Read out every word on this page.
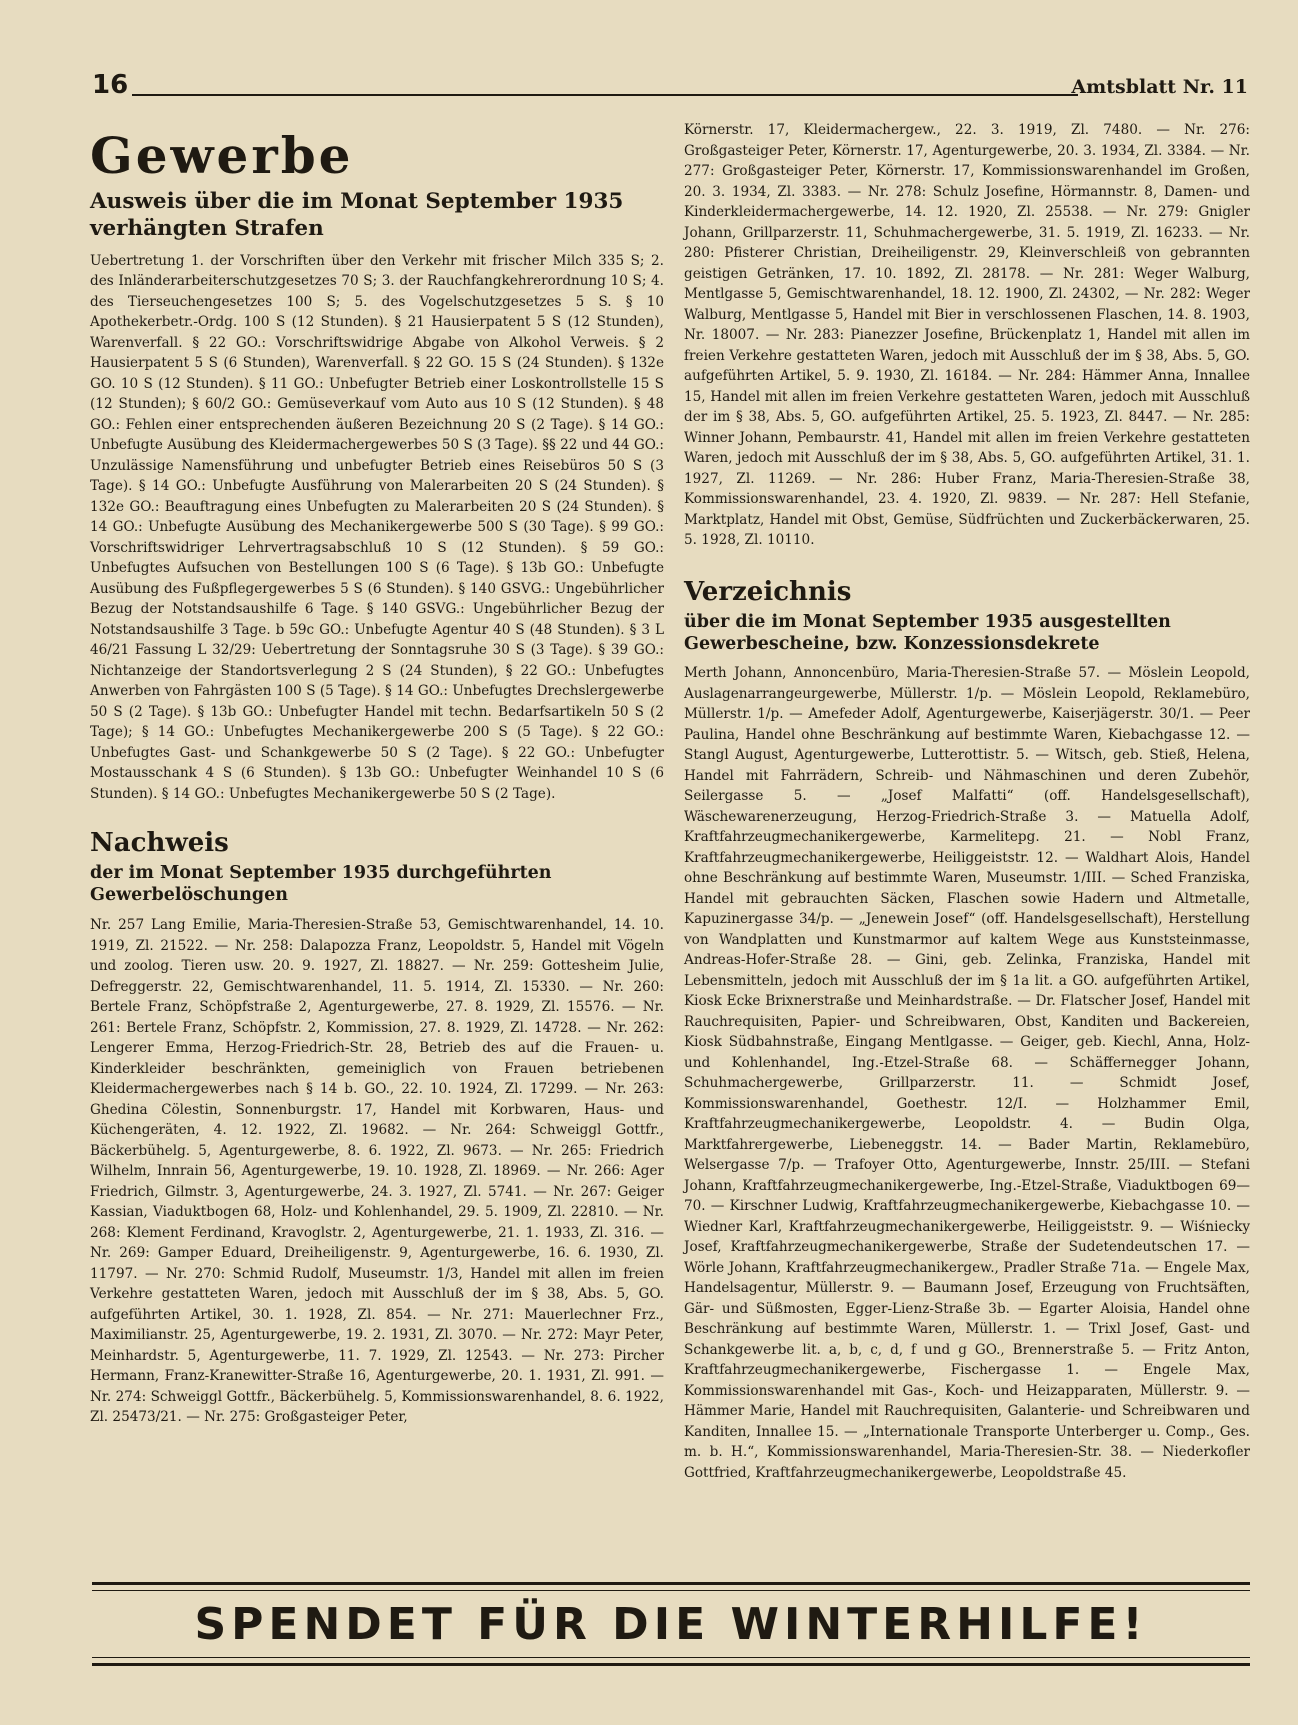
16	Amtsblatt Nr. 11
Gewerbe
Ausweis über die im Monat September 1935 verhängten Strafen

Uebertretung 1. der Vorschriften über den Verkehr mit frischer Milch 335 S; 2. des Inländerarbeiterschutzgesetzes 70 S; 3. der Rauchfangkehrerordnung 10 S; 4. des Tierseuchengesetzes 100 S; 5. des Vogelschutzgesetzes 5 S. § 10 Apothekerbetr.-Ordg. 100 S (12 Stunden). § 21 Hausierpatent 5 S (12 Stunden), Warenverfall. § 22 GO.: Vorschriftswidrige Abgabe von Alkohol Verweis. § 2 Hausierpatent 5 S (6 Stunden), Warenverfall. § 22 GO. 15 S (24 Stunden). § 132e GO. 10 S (12 Stunden). § 11 GO.: Unbefugter Betrieb einer Loskontrollstelle 15 S (12 Stunden); § 60/2 GO.: Gemüseverkauf vom Auto aus 10 S (12 Stunden). § 48 GO.: Fehlen einer entsprechenden äußeren Bezeichnung 20 S (2 Tage). § 14 GO.: Unbefugte Ausübung des Kleidermachergewerbes 50 S (3 Tage). §§ 22 und 44 GO.: Unzulässige Namensführung und unbefugter Betrieb eines Reisebüros 50 S (3 Tage). § 14 GO.: Unbefugte Ausführung von Malerarbeiten 20 S (24 Stunden). § 132e GO.: Beauftragung eines Unbefugten zu Malerarbeiten 20 S (24 Stunden). § 14 GO.: Unbefugte Ausübung des Mechanikergewerbe 500 S (30 Tage). § 99 GO.: Vorschriftswidriger Lehrvertragsabschluß 10 S (12 Stunden). § 59 GO.: Unbefugtes Aufsuchen von Bestellungen 100 S (6 Tage). § 13b GO.: Unbefugte Ausübung des Fußpflegergewerbes 5 S (6 Stunden). § 140 GSVG.: Ungebührlicher Bezug der Notstandsaushilfe 6 Tage. § 140 GSVG.: Ungebührlicher Bezug der Notstandsaushilfe 3 Tage. b 59c GO.: Unbefugte Agentur 40 S (48 Stunden). § 3 L 46/21 Fassung L 32/29: Uebertretung der Sonntagsruhe 30 S (3 Tage). § 39 GO.: Nichtanzeige der Standortsverlegung 2 S (24 Stunden), § 22 GO.: Unbefugtes Anwerben von Fahrgästen 100 S (5 Tage). § 14 GO.: Unbefugtes Drechslergewerbe 50 S (2 Tage). § 13b GO.: Unbefugter Handel mit techn. Bedarfsartikeln 50 S (2 Tage); § 14 GO.: Unbefugtes Mechanikergewerbe 200 S (5 Tage). § 22 GO.: Unbefugtes Gast- und Schankgewerbe 50 S (2 Tage). § 22 GO.: Unbefugter Mostausschank 4 S (6 Stunden). § 13b GO.: Unbefugter Weinhandel 10 S (6 Stunden). § 14 GO.: Unbefugtes Mechanikergewerbe 50 S (2 Tage).

Nachweis
der im Monat September 1935 durchgeführten Gewerbelöschungen

Nr. 257 Lang Emilie, Maria-Theresien-Straße 53, Gemischtwarenhandel, 14. 10. 1919, Zl. 21522. — Nr. 258: Dalapozza Franz, Leopoldstr. 5, Handel mit Vögeln und zoolog. Tieren usw. 20. 9. 1927, Zl. 18827. — Nr. 259: Gottesheim Julie, Defreggerstr. 22, Gemischtwarenhandel, 11. 5. 1914, Zl. 15330. — Nr. 260: Bertele Franz, Schöpfstraße 2, Agenturgewerbe, 27. 8. 1929, Zl. 15576. — Nr. 261: Bertele Franz, Schöpfstr. 2, Kommission, 27. 8. 1929, Zl. 14728. — Nr. 262: Lengerer Emma, Herzog-Friedrich-Str. 28, Betrieb des auf die Frauen- u. Kinderkleider beschränkten, gemeiniglich von Frauen betriebenen Kleidermachergewerbes nach § 14 b. GO., 22. 10. 1924, Zl. 17299. — Nr. 263: Ghedina Cölestin, Sonnenburgstr. 17, Handel mit Korbwaren, Haus- und Küchengeräten, 4. 12. 1922, Zl. 19682. — Nr. 264: Schweiggl Gottfr., Bäckerbühelg. 5, Agenturgewerbe, 8. 6. 1922, Zl. 9673. — Nr. 265: Friedrich Wilhelm, Innrain 56, Agenturgewerbe, 19. 10. 1928, Zl. 18969. — Nr. 266: Ager Friedrich, Gilmstr. 3, Agenturgewerbe, 24. 3. 1927, Zl. 5741. — Nr. 267: Geiger Kassian, Viaduktbogen 68, Holz- und Kohlenhandel, 29. 5. 1909, Zl. 22810. — Nr. 268: Klement Ferdinand, Kravoglstr. 2, Agenturgewerbe, 21. 1. 1933, Zl. 316. — Nr. 269: Gamper Eduard, Dreiheiligenstr. 9, Agenturgewerbe, 16. 6. 1930, Zl. 11797. — Nr. 270: Schmid Rudolf, Museumstr. 1/3, Handel mit allen im freien Verkehre gestatteten Waren, jedoch mit Ausschluß der im § 38, Abs. 5, GO. aufgeführten Artikel, 30. 1. 1928, Zl. 854. — Nr. 271: Mauerlechner Frz., Maximilianstr. 25, Agenturgewerbe, 19. 2. 1931, Zl. 3070. — Nr. 272: Mayr Peter, Meinhardstr. 5, Agenturgewerbe, 11. 7. 1929, Zl. 12543. — Nr. 273: Pircher Hermann, Franz-Kranewitter-Straße 16, Agenturgewerbe, 20. 1. 1931, Zl. 991. — Nr. 274: Schweiggl Gottfr., Bäckerbühelg. 5, Kommissionswarenhandel, 8. 6. 1922, Zl. 25473/21. — Nr. 275: Großgasteiger Peter,

Körnerstr. 17, Kleidermachergew., 22. 3. 1919, Zl. 7480. — Nr. 276: Großgasteiger Peter, Körnerstr. 17, Agenturgewerbe, 20. 3. 1934, Zl. 3384. — Nr. 277: Großgasteiger Peter, Körnerstr. 17, Kommissionswarenhandel im Großen, 20. 3. 1934, Zl. 3383. — Nr. 278: Schulz Josefine, Hörmannstr. 8, Damen- und Kinderkleidermachergewerbe, 14. 12. 1920, Zl. 25538. — Nr. 279: Gnigler Johann, Grillparzerstr. 11, Schuhmachergewerbe, 31. 5. 1919, Zl. 16233. — Nr. 280: Pfisterer Christian, Dreiheiligenstr. 29, Kleinverschleiß von gebrannten geistigen Getränken, 17. 10. 1892, Zl. 28178. — Nr. 281: Weger Walburg, Mentlgasse 5, Gemischtwarenhandel, 18. 12. 1900, Zl. 24302, — Nr. 282: Weger Walburg, Mentlgasse 5, Handel mit Bier in verschlossenen Flaschen, 14. 8. 1903, Nr. 18007. — Nr. 283: Pianezzer Josefine, Brückenplatz 1, Handel mit allen im freien Verkehre gestatteten Waren, jedoch mit Ausschluß der im § 38, Abs. 5, GO. aufgeführten Artikel, 5. 9. 1930, Zl. 16184. — Nr. 284: Hämmer Anna, Innallee 15, Handel mit allen im freien Verkehre gestatteten Waren, jedoch mit Ausschluß der im § 38, Abs. 5, GO. aufgeführten Artikel, 25. 5. 1923, Zl. 8447. — Nr. 285: Winner Johann, Pembaurstr. 41, Handel mit allen im freien Verkehre gestatteten Waren, jedoch mit Ausschluß der im § 38, Abs. 5, GO. aufgeführten Artikel, 31. 1. 1927, Zl. 11269. — Nr. 286: Huber Franz, Maria-Theresien-Straße 38, Kommissionswarenhandel, 23. 4. 1920, Zl. 9839. — Nr. 287: Hell Stefanie, Marktplatz, Handel mit Obst, Gemüse, Südfrüchten und Zuckerbäckerwaren, 25. 5. 1928, Zl. 10110.

Verzeichnis
über die im Monat September 1935 ausgestellten Gewerbescheine, bzw. Konzessionsdekrete

Merth Johann, Annoncenbüro, Maria-Theresien-Straße 57. — Möslein Leopold, Auslagenarrangeurgewerbe, Müllerstr. 1/p. — Möslein Leopold, Reklamebüro, Müllerstr. 1/p. — Amefeder Adolf, Agenturgewerbe, Kaiserjägerstr. 30/1. — Peer Paulina, Handel ohne Beschränkung auf bestimmte Waren, Kiebachgasse 12. — Stangl August, Agenturgewerbe, Lutterottistr. 5. — Witsch, geb. Stieß, Helena, Handel mit Fahrrädern, Schreib- und Nähmaschinen und deren Zubehör, Seilergasse 5. — „Josef Malfatti“ (off. Handelsgesellschaft), Wäschewarenerzeugung, Herzog-Friedrich-Straße 3. — Matuella Adolf, Kraftfahrzeugmechanikergewerbe, Karmelitерg. 21. — Nobl Franz, Kraftfahrzeugmechanikergewerbe, Heiliggeiststr. 12. — Waldhart Alois, Handel ohne Beschränkung auf bestimmte Waren, Museumstr. 1/III. — Sched Franziska, Handel mit gebrauchten Säcken, Flaschen sowie Hadern und Altmetalle, Kapuzinergasse 34/p. — „Jenewein Josef“ (off. Handelsgesellschaft), Herstellung von Wandplatten und Kunstmarmor auf kaltem Wege aus Kunststeinmasse, Andreas-Hofer-Straße 28. — Gini, geb. Zelinka, Franziska, Handel mit Lebensmitteln, jedoch mit Ausschluß der im § 1a lit. a GO. aufgeführten Artikel, Kiosk Ecke Brixnerstraße und Meinhardstraße. — Dr. Flatscher Josef, Handel mit Rauchrequisiten, Papier- und Schreibwaren, Obst, Kanditen und Backereien, Kiosk Südbahnstraße, Eingang Mentlgasse. — Geiger, geb. Kiechl, Anna, Holz- und Kohlenhandel, Ing.-Etzel-Straße 68. — Schäffernegger Johann, Schuhmachergewerbe, Grillparzerstr. 11. — Schmidt Josef, Kommissionswarenhandel, Goethestr. 12/I. — Holzhammer Emil, Kraftfahrzeugmechanikergewerbe, Leopoldstr. 4. — Budin Olga, Marktfahrergewerbe, Liebeneggstr. 14. — Bader Martin, Reklamebüro, Welsergasse 7/p. — Trafoyer Otto, Agenturgewerbe, Innstr. 25/III. — Stefani Johann, Kraftfahrzeugmechanikergewerbe, Ing.-Etzel-Straße, Viaduktbogen 69—70. — Kirschner Ludwig, Kraftfahrzeugmechanikergewerbe, Kiebachgasse 10. — Wiedner Karl, Kraftfahrzeugmechanikergewerbe, Heiliggeiststr. 9. — Wiśniecky Josef, Kraftfahrzeugmechanikergewerbe, Straße der Sudetendeutschen 17. — Wörle Johann, Kraftfahrzeugmechanikergew., Pradler Straße 71a. — Engele Max, Handelsagentur, Müllerstr. 9. — Baumann Josef, Erzeugung von Fruchtsäften, Gär- und Süßmosten, Egger-Lienz-Straße 3b. — Egarter Aloisia, Handel ohne Beschränkung auf bestimmte Waren, Müllerstr. 1. — Trixl Josef, Gast- und Schankgewerbe lit. a, b, c, d, f und g GO., Brennerstraße 5. — Fritz Anton, Kraftfahrzeugmechanikergewerbe, Fischergasse 1. — Engele Max, Kommissionswarenhandel mit Gas-, Koch- und Heizapparaten, Müllerstr. 9. — Hämmer Marie, Handel mit Rauchrequisiten, Galanterie- und Schreibwaren und Kanditen, Innallee 15. — „Internationale Transporte Unterberger u. Comp., Ges. m. b. H.“, Kommissionswarenhandel, Maria-Theresien-Str. 38. — Niederkofler Gottfried, Kraftfahrzeugmechanikergewerbe, Leopoldstraße 45.

SPENDET FÜR DIE WINTERHILFE!
